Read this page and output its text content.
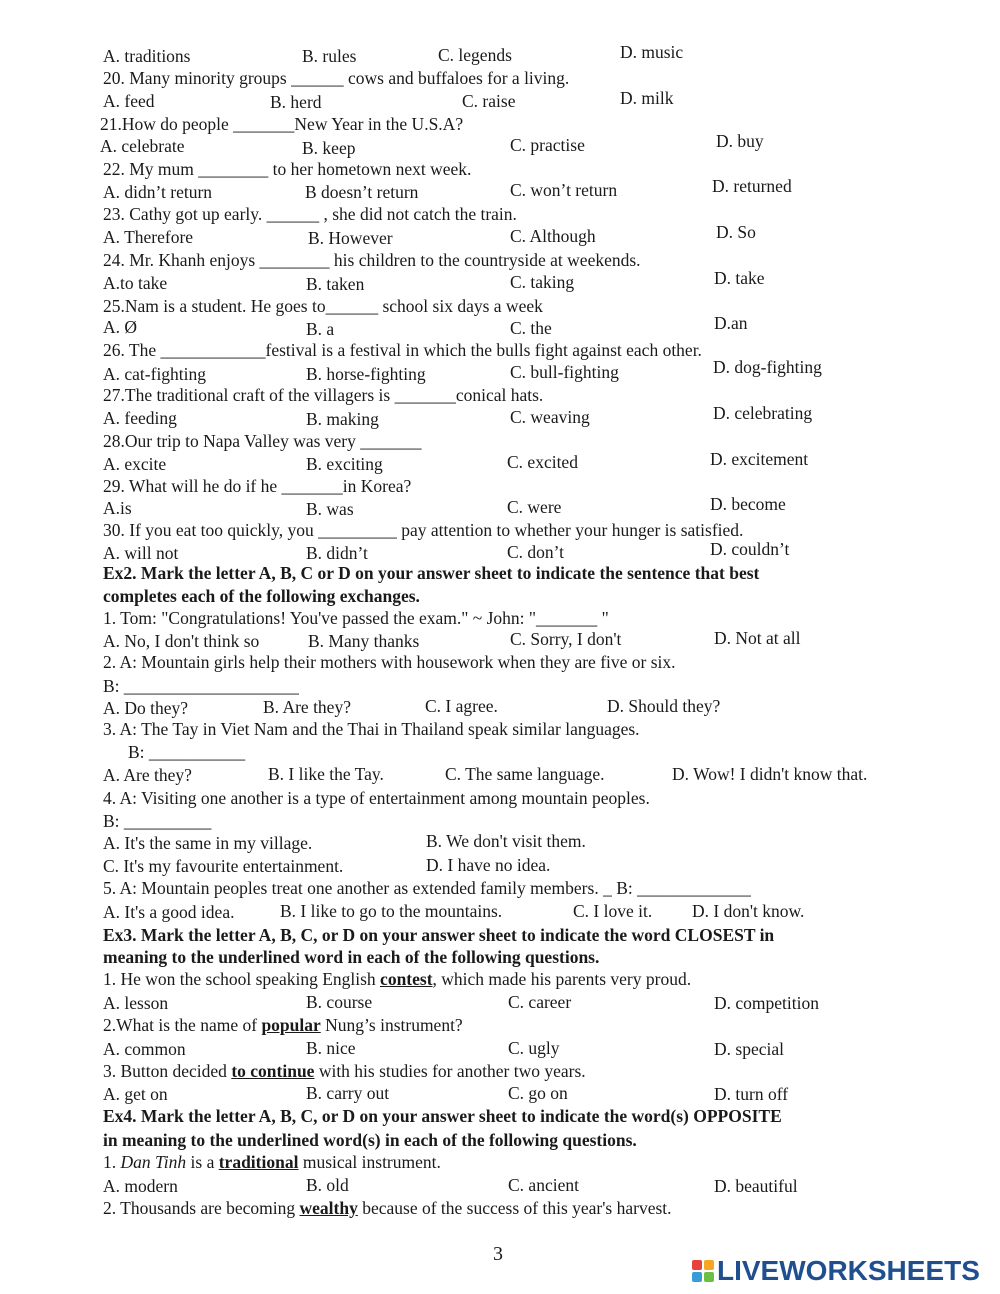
A. traditions	B. rules	C. legends	D. music
20. Many minority groups ______ cows and buffaloes for a living.
A. feed	B. herd	C. raise	D. milk
21.How do people _______New Year in the U.S.A?
A. celebrate	B. keep	C. practise	D. buy
22. My mum ________ to her hometown next week.
A. didn’t return	B doesn’t return	C. won’t return	D. returned
23. Cathy got up early. ______ , she did not catch the train.
A. Therefore	B. However	C. Although	D. So
24. Mr. Khanh enjoys ________ his children to the countryside at weekends.
A.to take	B. taken	C. taking	D. take
25.Nam is a student. He goes to______ school six days a week
A. Ø	B. a	C. the	D.an
26. The ____________festival is a festival in which the bulls fight against each other.
A. cat-fighting	B. horse-fighting	C. bull-fighting	D. dog-fighting
27.The traditional craft of the villagers is _______conical hats.
A. feeding	B. making	C. weaving	D. celebrating
28.Our trip to Napa Valley was very _______
A. excite	B. exciting	C. excited	D. excitement
29. What will he do if he _______in Korea?
A.is	B. was	C. were	D. become
30. If you eat too quickly, you _________ pay attention to whether your hunger is satisfied.
A. will not	B. didn’t	C. don’t	D. couldn’t
Ex2. Mark the letter A, B, C or D on your answer sheet to indicate the sentence that best
completes each of the following exchanges.
1. Tom: "Congratulations! You've passed the exam." ~ John: "_______ "
A. No, I don't think so	B. Many thanks	C. Sorry, I don't	D. Not at all
2. A: Mountain girls help their mothers with housework when they are five or six.
B: ____________________
A. Do they?	B. Are they?	C. I agree.	D. Should they?
3. A: The Tay in Viet Nam and the Thai in Thailand speak similar languages.
B: ___________
A. Are they?	B. I like the Tay.	C. The same language.	D. Wow! I didn't know that.
4. A: Visiting one another is a type of entertainment among mountain peoples.
B: __________
A. It's the same in my village.	B. We don't visit them.
C. It's my favourite entertainment.	D. I have no idea.
5. A: Mountain peoples treat one another as extended family members. _ B: _____________
A. It's a good idea.	B. I like to go to the mountains.	C. I love it. D. I don't know.
Ex3. Mark the letter A, B, C, or D on your answer sheet to indicate the word CLOSEST in
meaning to the underlined word in each of the following questions.
1. He won the school speaking English contest, which made his parents very proud.
A. lesson	B. course	C. career	D. competition
2.What is the name of popular Nung’s instrument?
A. common	B. nice	C. ugly	D. special
3. Button decided to continue with his studies for another two years.
A. get on	B. carry out	C. go on	D. turn off
Ex4. Mark the letter A, B, C, or D on your answer sheet to indicate the word(s) OPPOSITE
in meaning to the underlined word(s) in each of the following questions.
1. Dan Tinh is a traditional musical instrument.
A. modern	B. old	C. ancient	D. beautiful
2. Thousands are becoming wealthy because of the success of this year's harvest.
3
LIVEWORKSHEETS
